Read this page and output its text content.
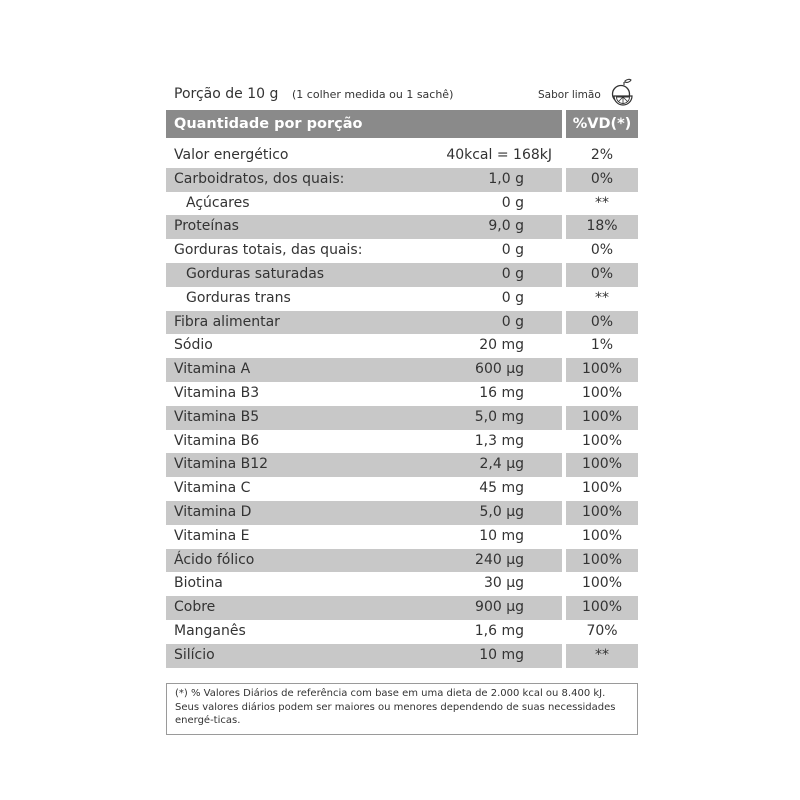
Porção de 10 g (1 colher medida ou 1 sachê)	Sabor limão
Quantidade por porção	%VD(*)
Valor energético	40kcal = 168kJ	2%
Carboidratos, dos quais:	1,0 g	0%
Açúcares	0 g	**
Proteínas	9,0 g	18%
Gorduras totais, das quais:	0 g	0%
Gorduras saturadas	0 g	0%
Gorduras trans	0 g	**
Fibra alimentar	0 g	0%
Sódio	20 mg	1%
Vitamina A	600 µg	100%
Vitamina B3	16 mg	100%
Vitamina B5	5,0 mg	100%
Vitamina B6	1,3 mg	100%
Vitamina B12	2,4 µg	100%
Vitamina C	45 mg	100%
Vitamina D	5,0 µg	100%
Vitamina E	10 mg	100%
Ácido fólico	240 µg	100%
Biotina	30 µg	100%
Cobre	900 µg	100%
Manganês	1,6 mg	70%
Silício	10 mg	**
(*) % Valores Diários de referência com base em uma dieta de 2.000 kcal ou 8.400 kJ. Seus valores diários podem ser maiores ou menores dependendo de suas necessidades energé-ticas.
